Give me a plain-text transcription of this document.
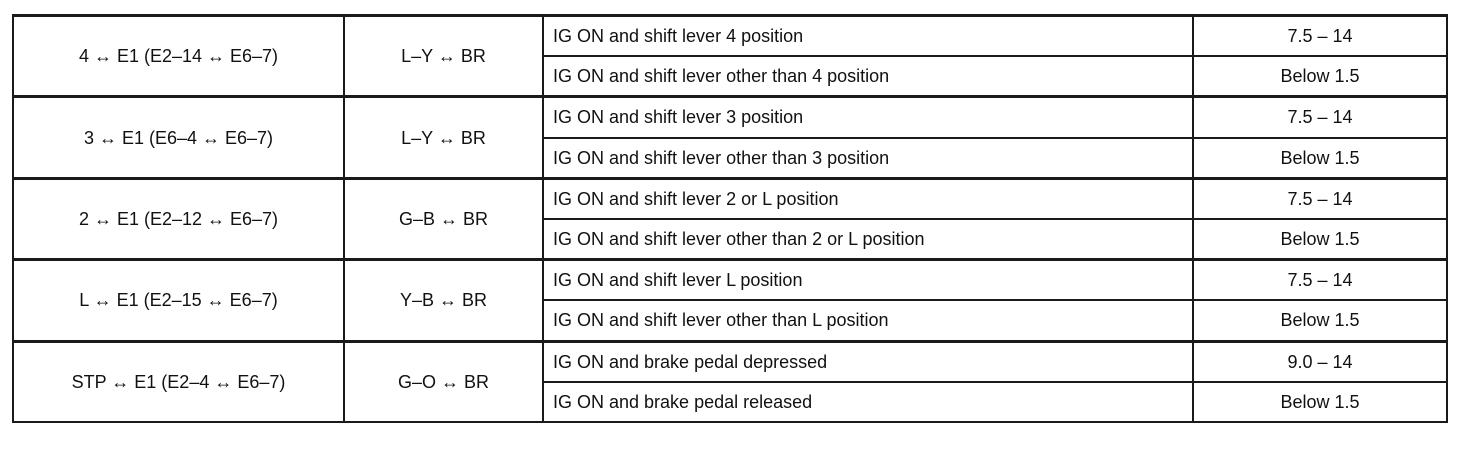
4 ↔ E1 (E2–14 ↔ E6–7)	L–Y ↔ BR	IG ON and shift lever 4 position	7.5 – 14
		IG ON and shift lever other than 4 position	Below 1.5
3 ↔ E1 (E6–4 ↔ E6–7)	L–Y ↔ BR	IG ON and shift lever 3 position	7.5 – 14
		IG ON and shift lever other than 3 position	Below 1.5
2 ↔ E1 (E2–12 ↔ E6–7)	G–B ↔ BR	IG ON and shift lever 2 or L position	7.5 – 14
		IG ON and shift lever other than 2 or L position	Below 1.5
L ↔ E1 (E2–15 ↔ E6–7)	Y–B ↔ BR	IG ON and shift lever L position	7.5 – 14
		IG ON and shift lever other than L position	Below 1.5
STP ↔ E1 (E2–4 ↔ E6–7)	G–O ↔ BR	IG ON and brake pedal depressed	9.0 – 14
		IG ON and brake pedal released	Below 1.5
